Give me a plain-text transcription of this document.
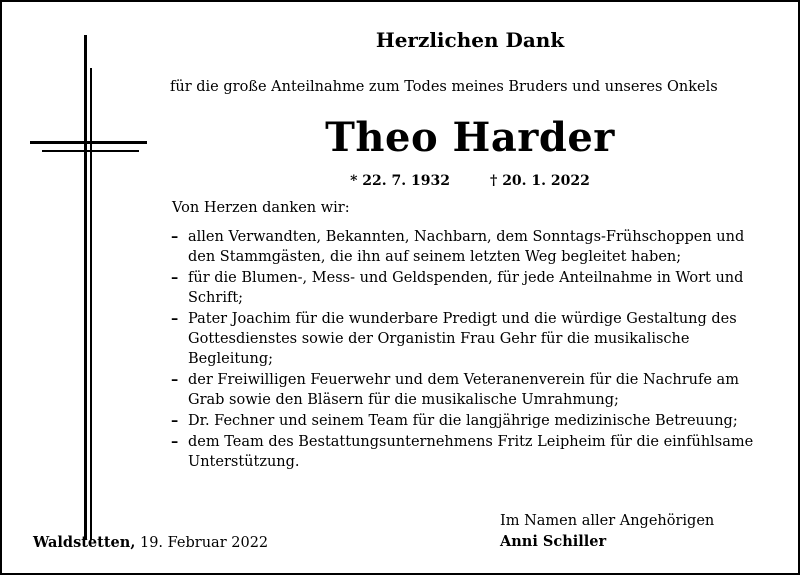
Herzlichen Dank
für die große Anteilnahme zum Todes meines Bruders und unseres Onkels
Theo Harder
* 22. 7. 1932	† 20. 1. 2022
Von Herzen danken wir:
– allen Verwandten, Bekannten, Nachbarn, dem Sonntags-Frühschoppen und den Stammgästen, die ihn auf seinem letzten Weg begleitet haben;
– für die Blumen-, Mess- und Geldspenden, für jede Anteilnahme in Wort und Schrift;
– Pater Joachim für die wunderbare Predigt und die würdige Gestaltung des Gottesdienstes sowie der Organistin Frau Gehr für die musikalische Begleitung;
– der Freiwilligen Feuerwehr und dem Veteranenverein für die Nachrufe am Grab sowie den Bläsern für die musikalische Umrahmung;
– Dr. Fechner und seinem Team für die langjährige medizinische Betreuung;
– dem Team des Bestattungsunternehmens Fritz Leipheim für die einfühlsame Unterstützung.
Waldstetten, 19. Februar 2022
Im Namen aller Angehörigen
Anni Schiller
